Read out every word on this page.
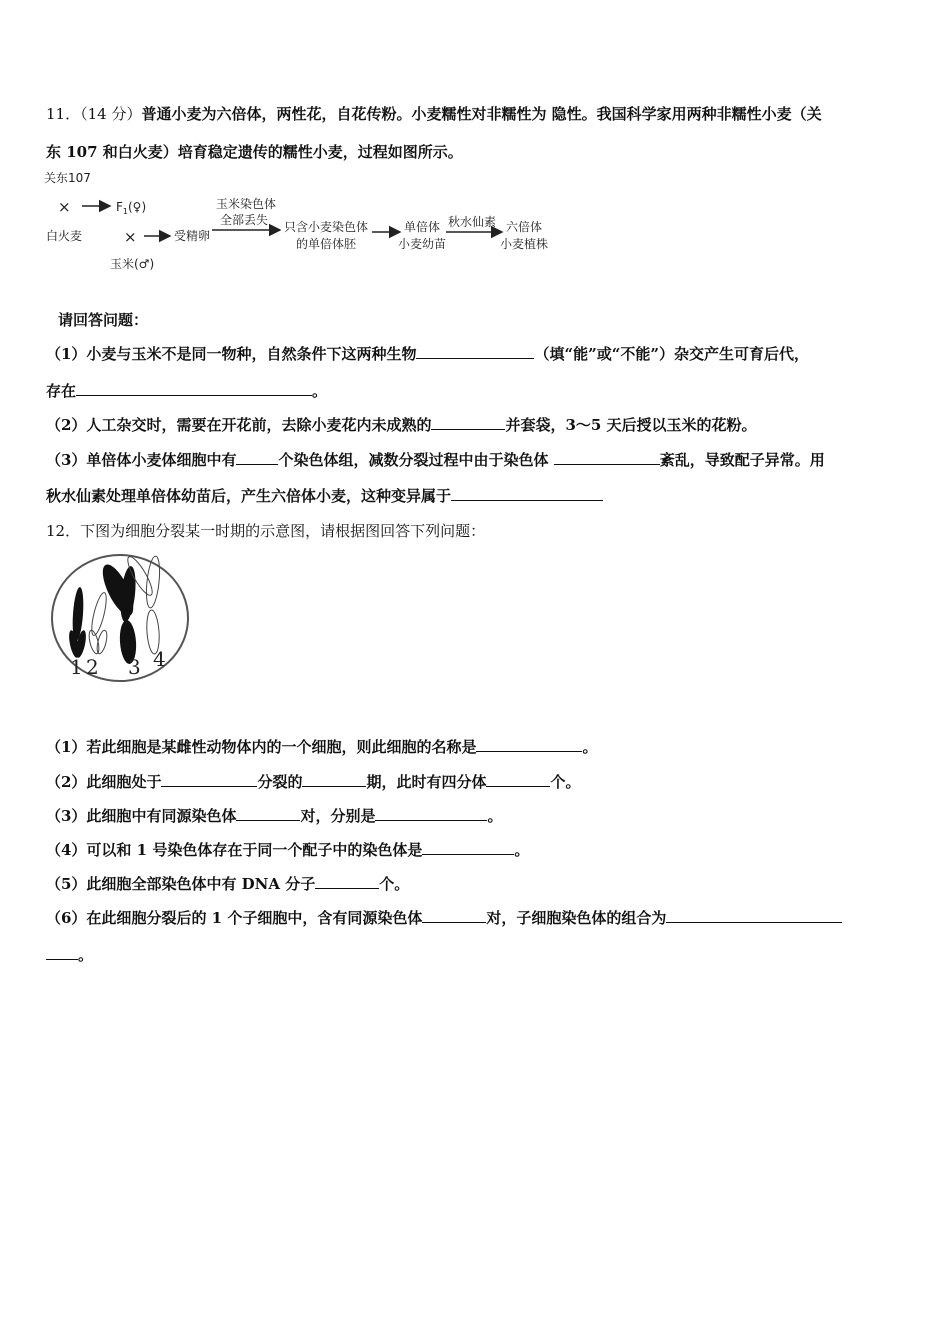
11．（14 分）普通小麦为六倍体，两性花，自花传粉。小麦糯性对非糯性为 隐性。我国科学家用两种非糯性小麦（关
东 107 和白火麦）培育稳定遗传的糯性小麦，过程如图所示。
关东107
×	$F_1(♀)$
白火麦	×	受精卵
玉米(♂)
玉米染色体
全部丢失 只含小麦染色体
的单倍体胚
单倍体
小麦幼苗
秋水仙素 六倍体
小麦植株
请回答问题：
（1）小麦与玉米不是同一物种，自然条件下这两种生物	（填“能”或“不能”）杂交产生可育后代，
存在	。
（2）人工杂交时，需要在开花前，去除小麦花内未成熟的	并套袋，3～5 天后授以玉米的花粉。
（3）单倍体小麦体细胞中有	个染色体组，减数分裂过程中由于染色体	紊乱，导致配子异常。用
秋水仙素处理单倍体幼苗后，产生六倍体小麦，这种变异属于
12．下图为细胞分裂某一时期的示意图，请根据图回答下列问题：
1 2 3 4
（1）若此细胞是某雌性动物体内的一个细胞，则此细胞的名称是	。
（2）此细胞处于	分裂的	期，此时有四分体	个。
（3）此细胞中有同源染色体	对，分别是	。
（4）可以和 1 号染色体存在于同一个配子中的染色体是	。
（5）此细胞全部染色体中有 DNA 分子	个。
（6）在此细胞分裂后的 1 个子细胞中，含有同源染色体	对，子细胞染色体的组合为
。
